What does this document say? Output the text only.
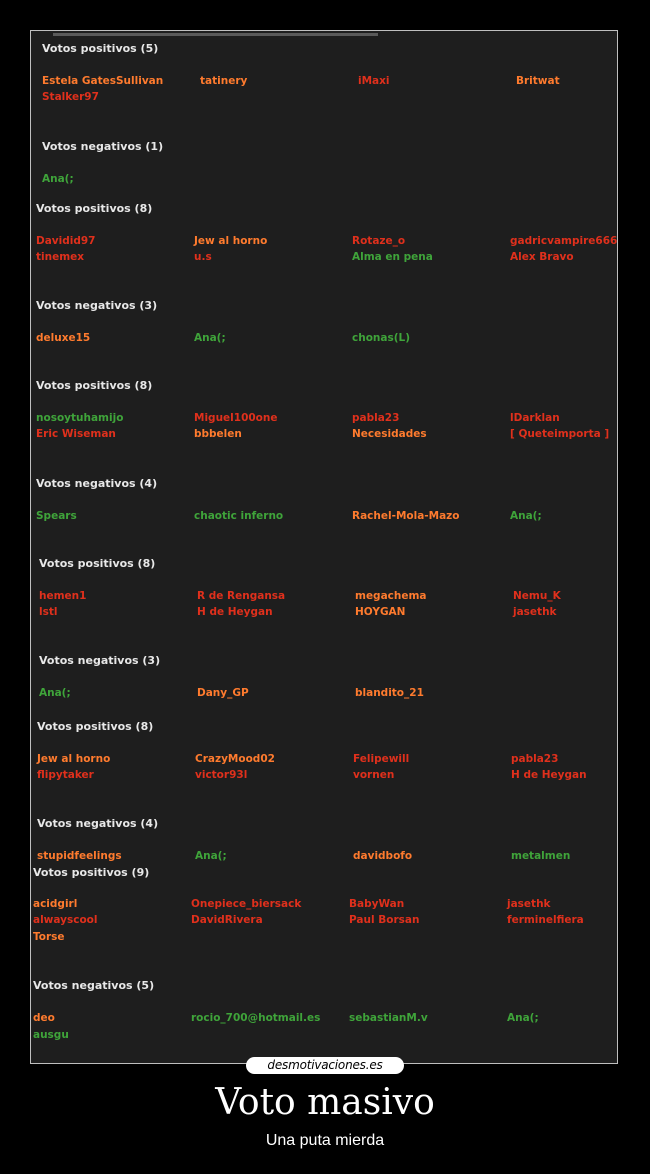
Votos positivos (5)
Estela GatesSullivan	tatinery	iMaxi	Britwat
Stalker97
Votos negativos (1)
Ana(;
Votos positivos (8)
Davidid97	Jew al horno	Rotaze_o	gadricvampire666
tinemex	u.s	Alma en pena	Alex Bravo
Votos negativos (3)
deluxe15	Ana(;	chonas(L)
Votos positivos (8)
nosoytuhamijo	Miguel100one	pabla23	lDarklan
Eric Wiseman	bbbelen	Necesidades	[ Queteimporta ]
Votos negativos (4)
Spears	chaotic inferno	Rachel-Mola-Mazo	Ana(;
Votos positivos (8)
hemen1	R de Rengansa	megachema	Nemu_K
lstl	H de Heygan	HOYGAN	jasethk
Votos negativos (3)
Ana(;	Dany_GP	blandito_21
Votos positivos (8)
Jew al horno	CrazyMood02	Felipewill	pabla23
flipytaker	victor93l	vornen	H de Heygan
Votos negativos (4)
stupidfeelings	Ana(;	davidbofo	metalmen
Votos positivos (9)
acidgirl	Onepiece_biersack	BabyWan	jasethk
alwayscool	DavidRivera	Paul Borsan	ferminelfiera
Torse
Votos negativos (5)
deo	rocio_700@hotmail.es	sebastianM.v	Ana(;
ausgu
desmotivaciones.es
Voto masivo
Una puta mierda
